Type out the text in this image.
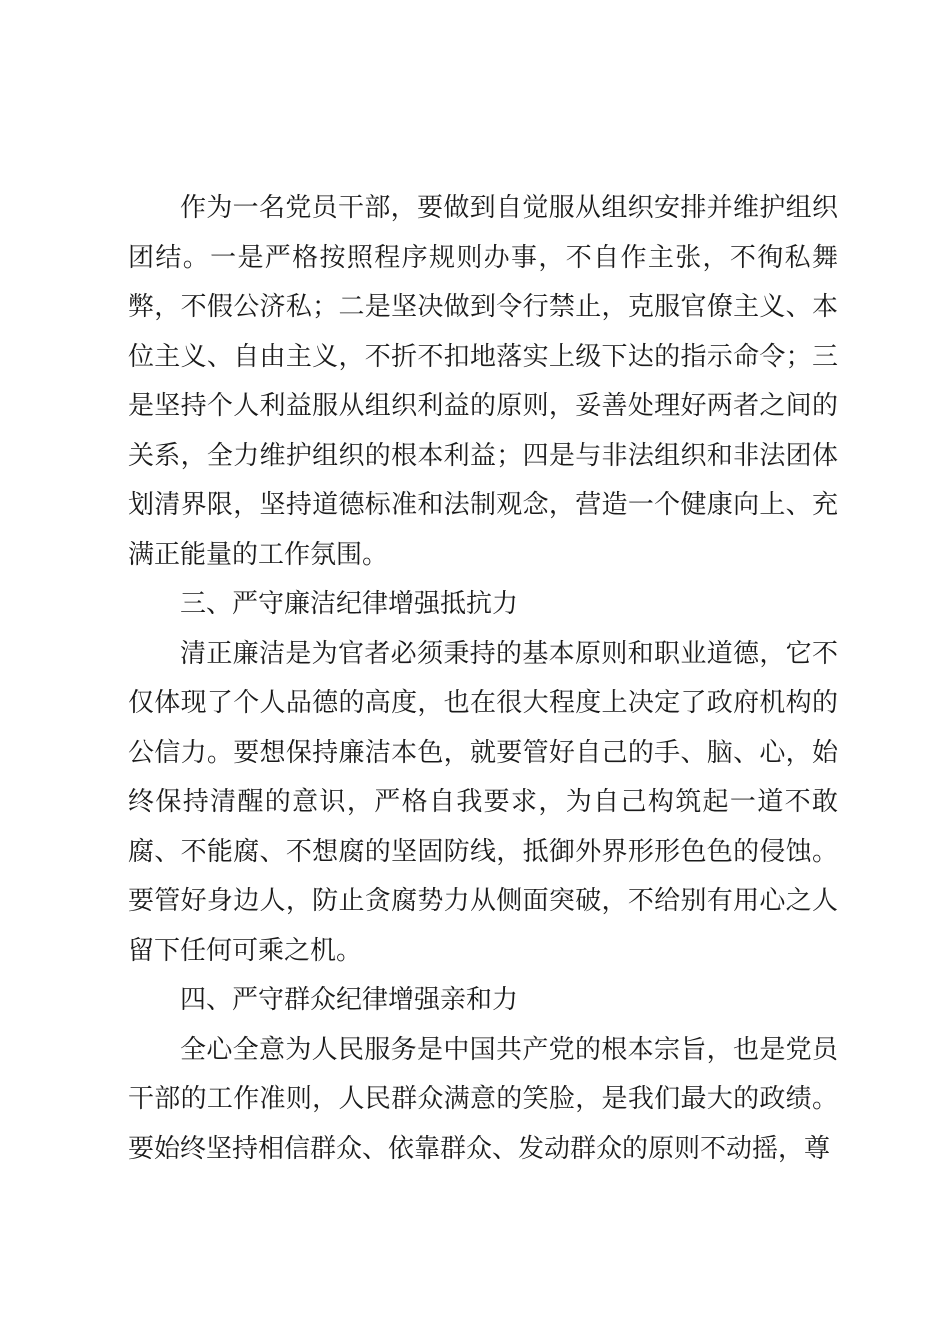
作为一名党员干部，要做到自觉服从组织安排并维护组织团结。一是严格按照程序规则办事，不自作主张，不徇私舞弊，不假公济私；二是坚决做到令行禁止，克服官僚主义、本位主义、自由主义，不折不扣地落实上级下达的指示命令；三是坚持个人利益服从组织利益的原则，妥善处理好两者之间的关系，全力维护组织的根本利益；四是与非法组织和非法团体划清界限，坚持道德标准和法制观念，营造一个健康向上、充满正能量的工作氛围。

三、严守廉洁纪律增强抵抗力

清正廉洁是为官者必须秉持的基本原则和职业道德，它不仅体现了个人品德的高度，也在很大程度上决定了政府机构的公信力。要想保持廉洁本色，就要管好自己的手、脑、心，始终保持清醒的意识，严格自我要求，为自己构筑起一道不敢腐、不能腐、不想腐的坚固防线，抵御外界形形色色的侵蚀。要管好身边人，防止贪腐势力从侧面突破，不给别有用心之人留下任何可乘之机。

四、严守群众纪律增强亲和力

全心全意为人民服务是中国共产党的根本宗旨，也是党员干部的工作准则，人民群众满意的笑脸，是我们最大的政绩。要始终坚持相信群众、依靠群众、发动群众的原则不动摇，尊
